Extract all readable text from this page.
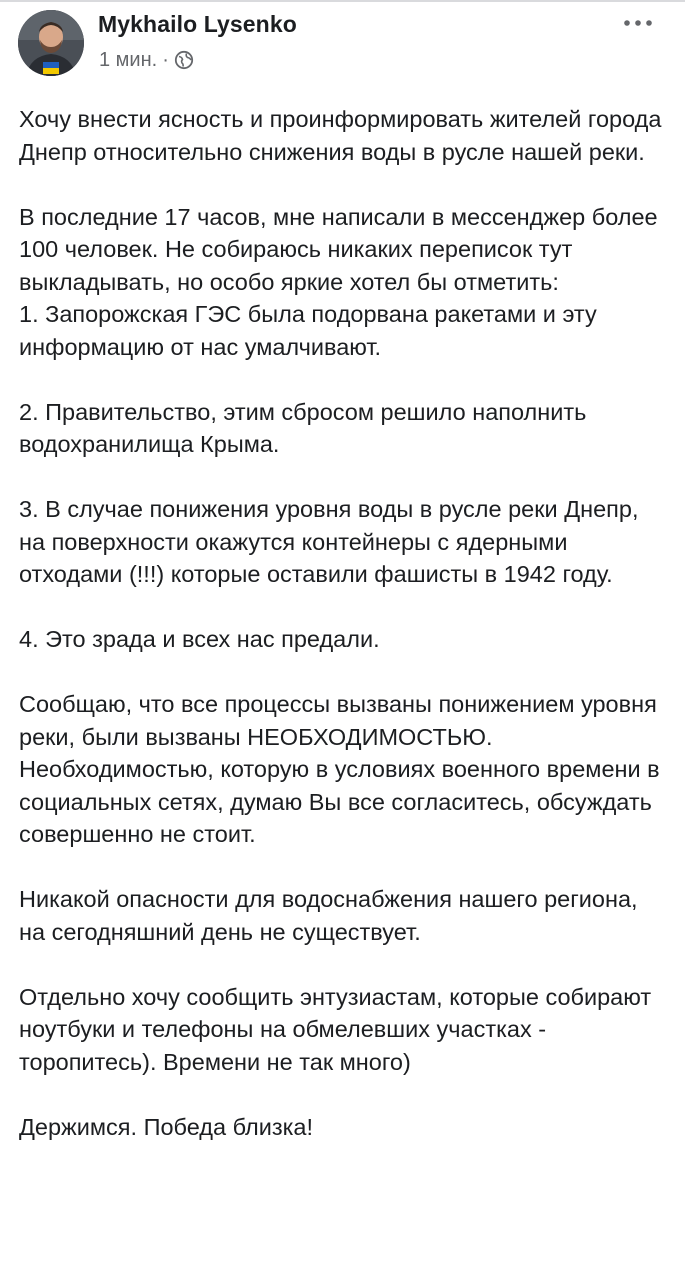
Mykhailo Lysenko
1 мин. ·

Хочу внести ясность и проинформировать жителей города Днепр относительно снижения воды в русле нашей реки.

В последние 17 часов, мне написали в мессенджер более 100 человек. Не собираюсь никаких переписок тут выкладывать, но особо яркие хотел бы отметить:
1. Запорожская ГЭС была подорвана ракетами и эту информацию от нас умалчивают.

2. Правительство, этим сбросом решило наполнить водохранилища Крыма.

3. В случае понижения уровня воды в русле реки Днепр, на поверхности окажутся контейнеры с ядерными отходами (!!!) которые оставили фашисты в 1942 году.

4. Это зрада и всех нас предали.

Сообщаю, что все процессы вызваны понижением уровня реки, были вызваны НЕОБХОДИМОСТЬЮ. Необходимостью, которую в условиях военного времени в социальных сетях, думаю Вы все согласитесь, обсуждать совершенно не стоит.

Никакой опасности для водоснабжения нашего региона, на сегодняшний день не существует.

Отдельно хочу сообщить энтузиастам, которые собирают ноутбуки и телефоны на обмелевших участках - торопитесь). Времени не так много)

Держимся. Победа близка!
